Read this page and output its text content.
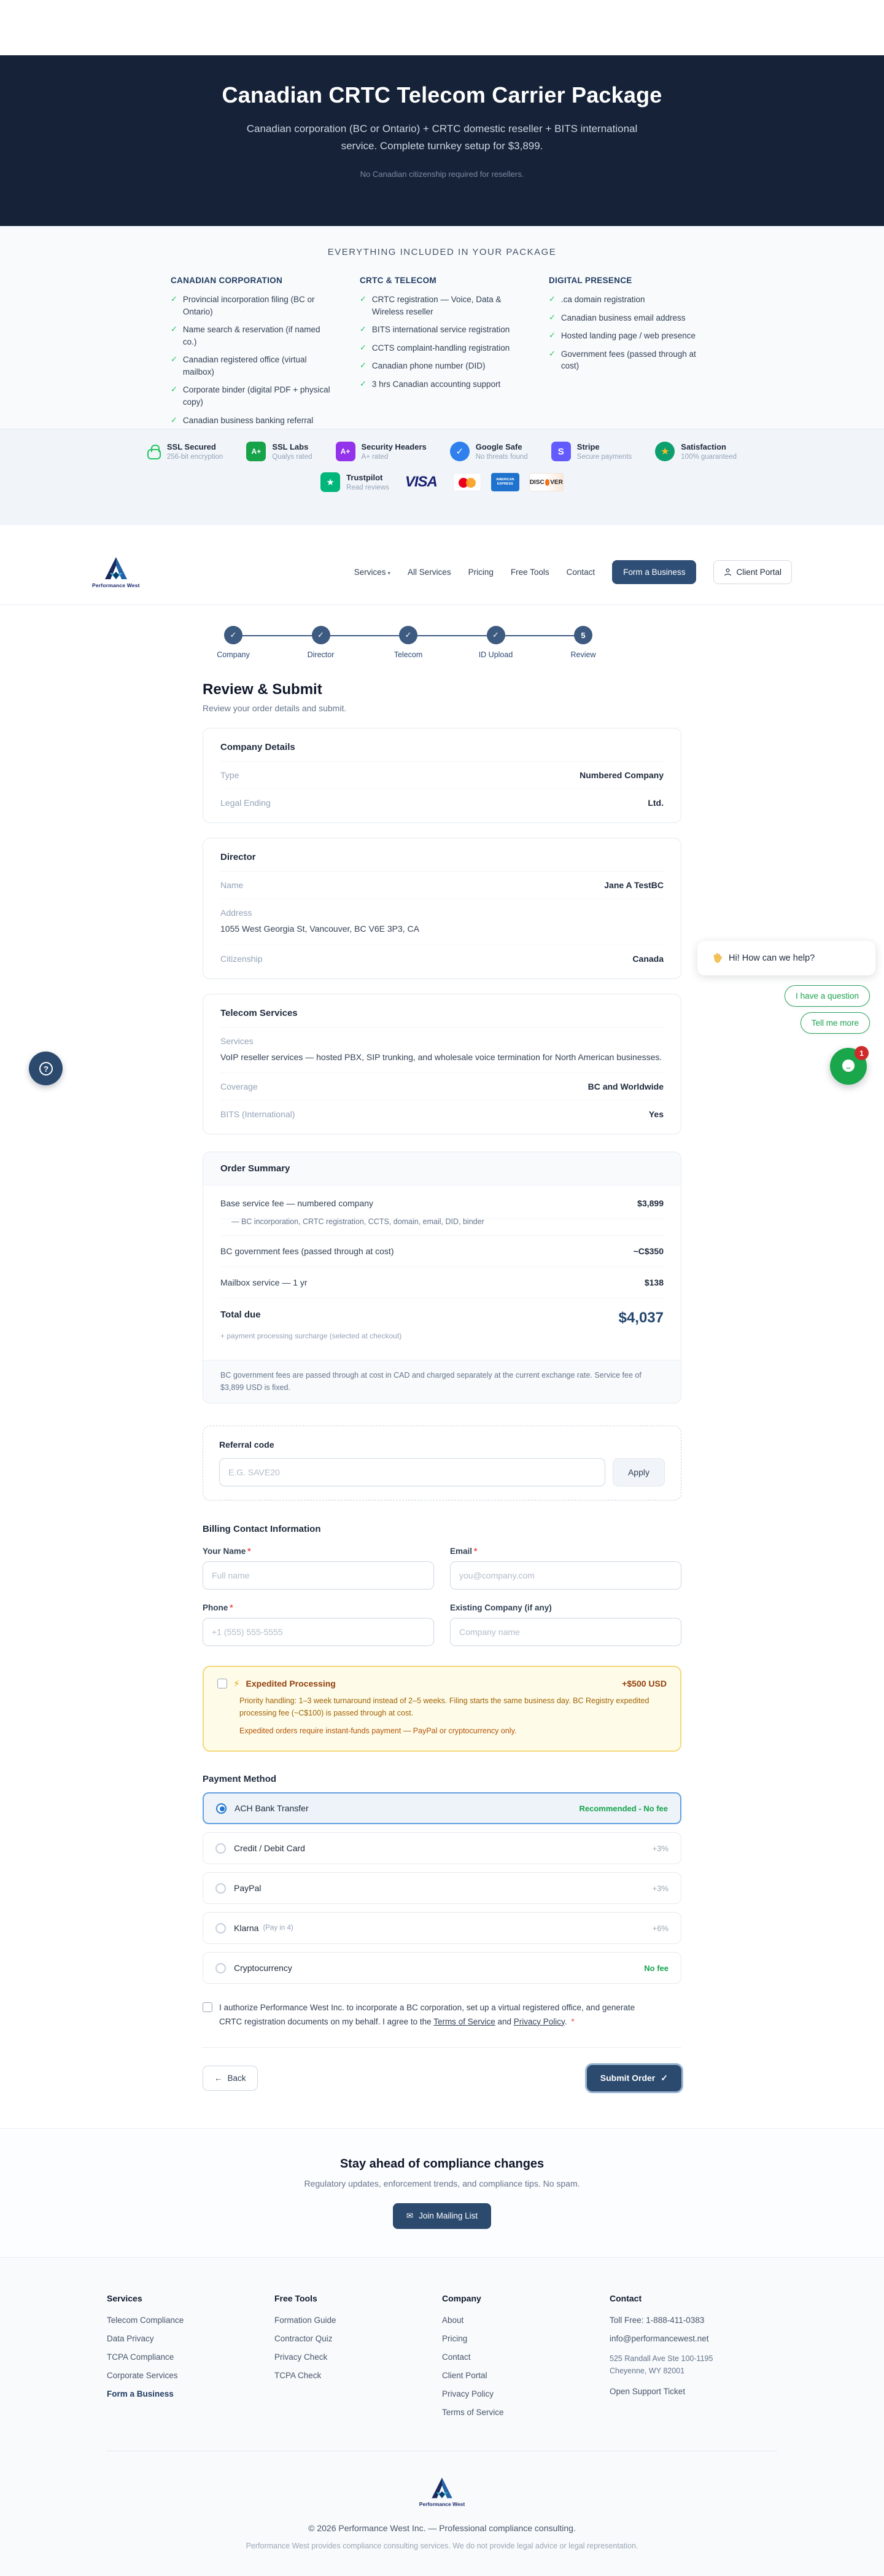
Canadian CRTC Telecom Carrier Package

Canadian corporation (BC or Ontario) + CRTC domestic reseller + BITS international service. Complete turnkey setup for $3,899.

No Canadian citizenship required for resellers.

EVERYTHING INCLUDED IN YOUR PACKAGE
CANADIAN CORPORATION
✓ Provincial incorporation filing (BC or Ontario)
✓ Name search & reservation (if named co.)
✓ Canadian registered office (virtual mailbox)
✓ Corporate binder (digital PDF + physical copy)
✓ Canadian business banking referral
CRTC & TELECOM
✓ CRTC registration — Voice, Data & Wireless reseller
✓ BITS international service registration
✓ CCTS complaint-handling registration
✓ Canadian phone number (DID)
✓ 3 hrs Canadian accounting support
DIGITAL PRESENCE
✓ .ca domain registration
✓ Canadian business email address
✓ Hosted landing page / web presence
✓ Government fees (passed through at cost)
SSL Secured
256-bit encryption
A+	SSL Labs
Qualys rated
A+	Security Headers
A+ rated	✓	Google Safe
No threats found
S	Stripe
Secure payments	★	Satisfaction
100% guaranteed
★	Trustpilot
Read reviews	VISA	AMERICAN
EXPRESS	DISC VER
Performance West
Services ▾ All Services Pricing Free Tools Contact	Form a Business	Client Portal
✓
Company
✓
Director
✓
Telecom
✓
ID Upload
5
Review
Review & Submit

Review your order details and submit.

Company Details
Type	Numbered Company
Legal Ending	Ltd.
Director
Name	Jane A TestBC
Address
1055 West Georgia St, Vancouver, BC V6E 3P3, CA
Citizenship	Canada
Telecom Services
Services
VoIP reseller services — hosted PBX, SIP trunking, and wholesale voice termination for North American businesses.
Coverage	BC and Worldwide
BITS (International)	Yes
Order Summary
Base service fee — numbered company	$3,899
— BC incorporation, CRTC registration, CCTS, domain, email, DID, binder
BC government fees (passed through at cost)	~C$350
Mailbox service — 1 yr	$138
Total due	$4,037
+ payment processing surcharge (selected at checkout)
BC government fees are passed through at cost in CAD and charged separately at the current exchange rate. Service fee of $3,899 USD is fixed.
Referral code
E.G. SAVE20
Apply
Billing Contact Information
Your Name *
Full name	Email *
you@company.com
Phone *
+1 (555) 555-5555	Existing Company (if any)
Company name
⚡ Expedited Processing	+$500 USD

Priority handling: 1–3 week turnaround instead of 2–5 weeks. Filing starts the same business day. BC Registry expedited processing fee (~C$100) is passed through at cost.

Expedited orders require instant-funds payment — PayPal or cryptocurrency only.

Payment Method
ACH Bank Transfer	Recommended - No fee
Credit / Debit Card	+3%
PayPal	+3%
Klarna (Pay in 4)	+6%
Cryptocurrency	No fee

I authorize Performance West Inc. to incorporate a BC corporation, set up a virtual registered office, and generate CRTC registration documents on my behalf. I agree to the Terms of Service and Privacy Policy. *

← Back	Submit Order ✓
Stay ahead of compliance changes
Regulatory updates, enforcement trends, and compliance tips. No spam.
✉ Join Mailing List
Services
Telecom Compliance
Data Privacy
TCPA Compliance
Corporate Services
Form a Business
Free Tools
Formation Guide
Contractor Quiz
Privacy Check
TCPA Check
Company
About
Pricing
Contact
Client Portal
Privacy Policy
Terms of Service
Contact
Toll Free: 1-888-411-0383
info@performancewest.net
525 Randall Ave Ste 100-1195
Cheyenne, WY 82001
Open Support Ticket
Performance West
© 2026 Performance West Inc. — Professional compliance consulting.
Performance West provides compliance consulting services. We do not provide legal advice or legal representation.
?
Hi! How can we help?
I have a question
Tell me more
1
